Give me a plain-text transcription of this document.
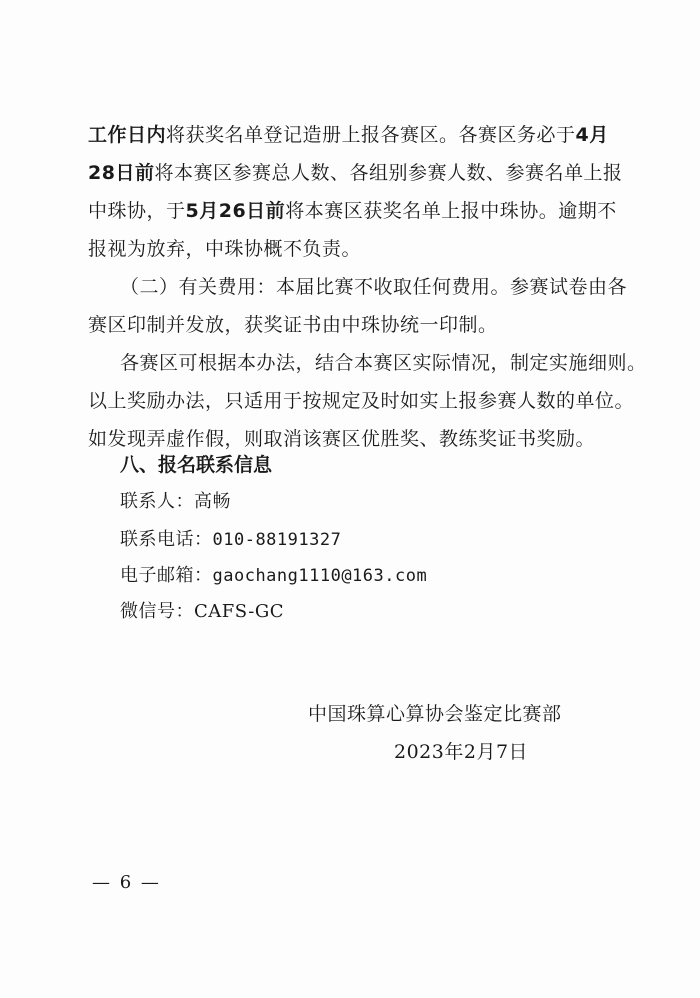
工作日内将获奖名单登记造册上报各赛区。各赛区务必于4月
28日前将本赛区参赛总人数、各组别参赛人数、参赛名单上报
中珠协，于5月26日前将本赛区获奖名单上报中珠协。逾期不
报视为放弃，中珠协概不负责。
（二）有关费用：本届比赛不收取任何费用。参赛试卷由各
赛区印制并发放，获奖证书由中珠协统一印制。
各赛区可根据本办法，结合本赛区实际情况，制定实施细则。
以上奖励办法，只适用于按规定及时如实上报参赛人数的单位。
如发现弄虚作假，则取消该赛区优胜奖、教练奖证书奖励。
八、报名联系信息
联系人：高畅
联系电话：010-88191327
电子邮箱：gaochang1110@163.com
微信号：CAFS-GC
中国珠算心算协会鉴定比赛部
2023年2月7日
— 6 —
